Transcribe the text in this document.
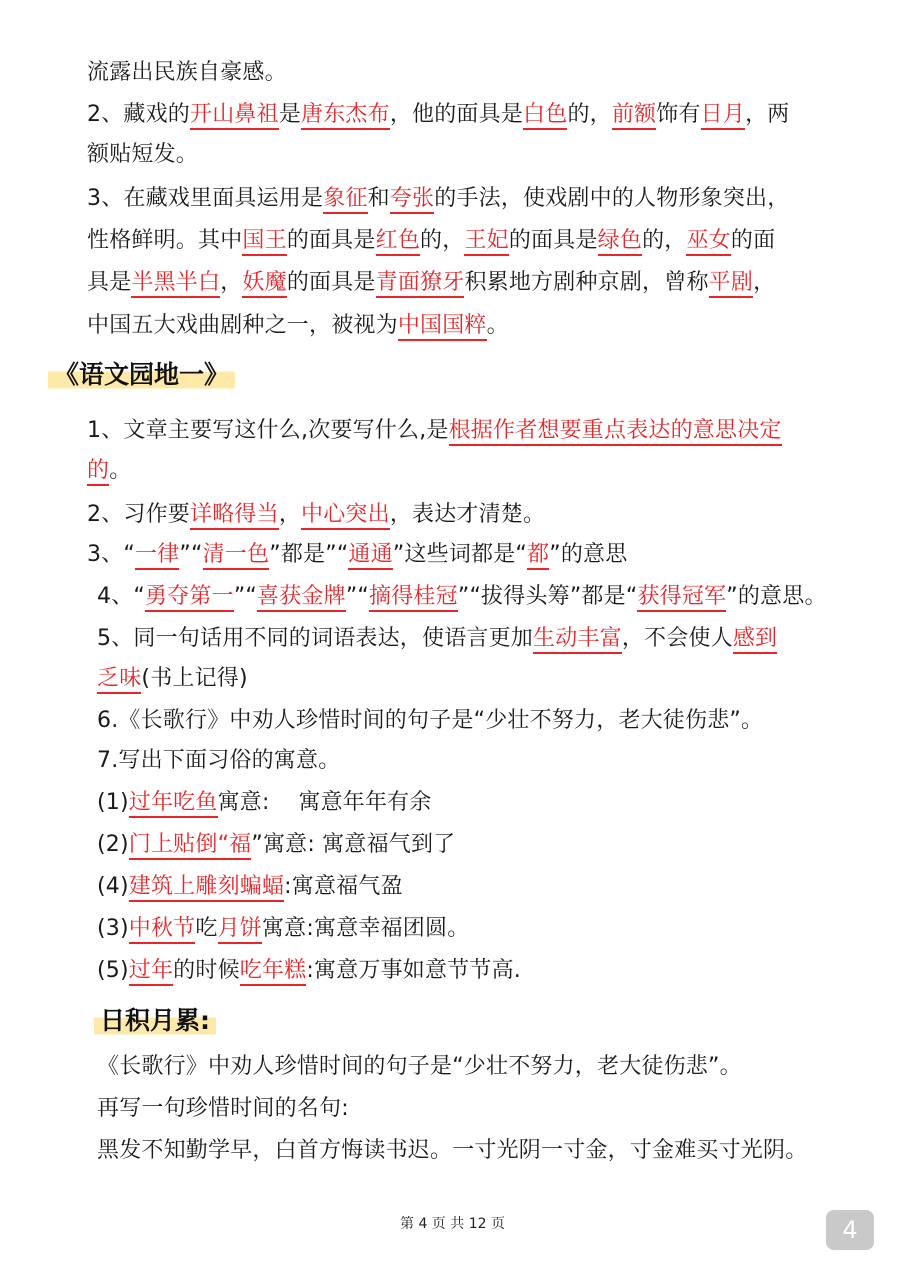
流露出民族自豪感。
2、藏戏的开山鼻祖是唐东杰布，他的面具是白色的，前额饰有日月，两
额贴短发。
3、在藏戏里面具运用是象征和夸张的手法，使戏剧中的人物形象突出，
性格鲜明。其中国王的面具是红色的，王妃的面具是绿色的，巫女的面
具是半黑半白，妖魔的面具是青面獠牙积累地方剧种京剧，曾称平剧，
中国五大戏曲剧种之一，被视为中国国粹。
1、文章主要写这什么,次要写什么,是根据作者想要重点表达的意思决定
的。
2、习作要详略得当，中心突出，表达才清楚。
3、“一律”“清一色”都是”“通通”这些词都是“都”的意思
4、“勇夺第一”“喜获金牌”“摘得桂冠”“拔得头筹”都是“获得冠军”的意思。
5、同一句话用不同的词语表达，使语言更加生动丰富，不会使人感到
乏味(书上记得)
6.《长歌行》中劝人珍惜时间的句子是“少壮不努力，老大徒伤悲”。
7.写出下面习俗的寓意。
(1)过年吃鱼寓意:    寓意年年有余
(2)门上贴倒“福”寓意: 寓意福气到了
(4)建筑上雕刻蝙蝠:寓意福气盈
(3)中秋节吃月饼寓意:寓意幸福团圆。
(5)过年的时候吃年糕:寓意万事如意节节高.
《长歌行》中劝人珍惜时间的句子是“少壮不努力，老大徒伤悲”。
再写一句珍惜时间的名句:
黑发不知勤学早，白首方悔读书迟。一寸光阴一寸金，寸金难买寸光阴。
《语文园地一》
日积月累:
第 4 页 共 12 页	4
